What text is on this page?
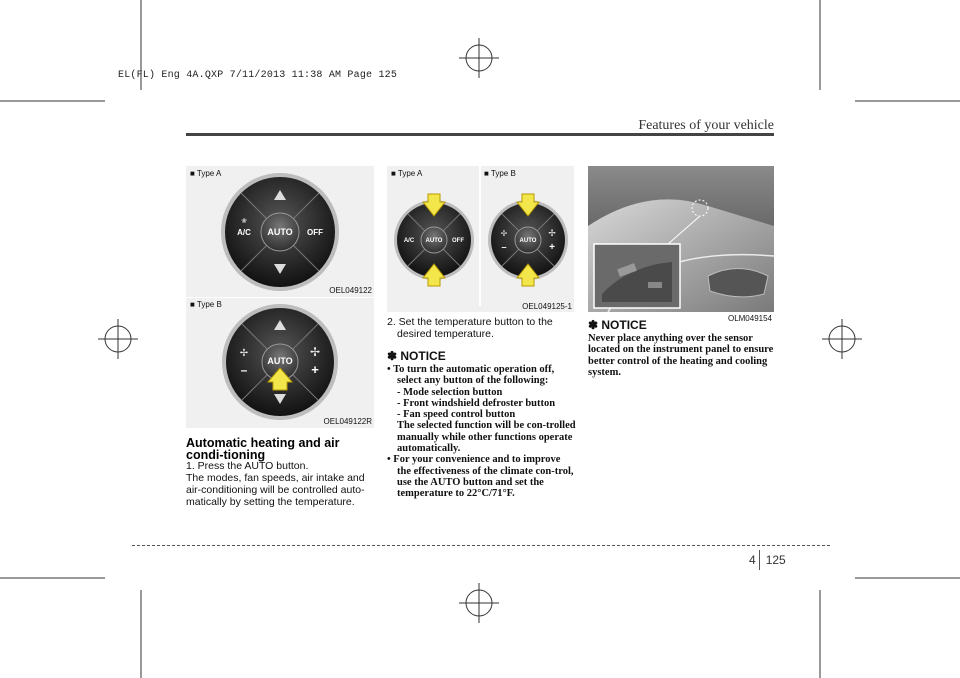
EL(FL) Eng 4A.QXP 7/11/2013 11:38 AM Page 125
Features of your vehicle
■ Type A
AUTO
A/C	OFF
❀
OEL049122
■ Type B
AUTO
✢	✢
–	+
OEL049122R
■ Type A	■ Type B
AUTO
A/C	OFF	AUTO
✢	✢
–	+
OEL049125-1
OLM049154
Automatic heating and air condi-tioning
1. Press the AUTO button.
The modes, fan speeds, air intake and air-conditioning will be controlled auto-matically by setting the temperature.
2. Set the temperature button to the desired temperature.
✽ NOTICE
• To turn the automatic operation off, select any button of the following:
- Mode selection button
- Front windshield defroster button
- Fan speed control button
The selected function will be con-trolled manually while other functions operate automatically.
• For your convenience and to improve the effectiveness of the climate con-trol, use the AUTO button and set the temperature to 22°C/71°F.
✽ NOTICE
Never place anything over the sensor located on the instrument panel to ensure better control of the heating and cooling system.
4 125
